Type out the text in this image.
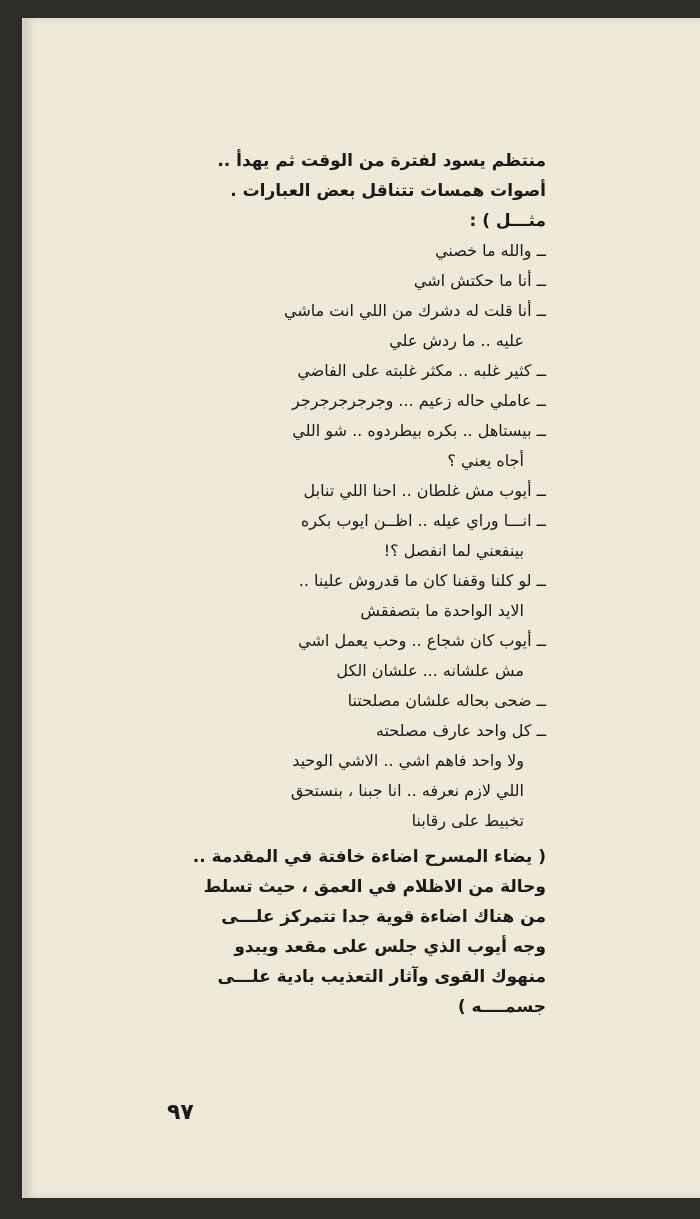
منتظم يسود لفترة من الوقت ثم يهدأ ..
أصوات همسات تتناقل بعض العبارات .
مثـــل ) :
ــ والله ما خصني
ــ أنا ما حكتش اشي
ــ أنا قلت له دشرك من اللي انت ماشي
عليه .. ما ردش علي
ــ كثير غلبه .. مكثر غلبته على الفاضي
ــ عاملي حاله زعيم ... وجرجرجرجرجر
ــ بيستاهل .. بكره بيطردوه .. شو اللي
أجاه يعني ؟
ــ أيوب مش غلطان .. احنا اللي تنابل
ــ انـــا وراي عيله .. اظــن ايوب بكره
بينفعني لما انفصل ؟!
ــ لو كلنا وقفنا كان ما قدروش علينا ..
الايد الواحدة ما بتصفقش
ــ أيوب كان شجاع .. وحب يعمل اشي
مش علشانه ... علشان الكل
ــ ضحى بحاله علشان مصلحتنا
ــ كل واحد عارف مصلحته
ولا واحد فاهم اشي .. الاشي الوحيد
اللي لازم نعرفه .. انا جبنا ، بنستحق
تخبيط على رقابنا
( يضاء المسرح اضاءة خافتة في المقدمة ..
وحالة من الاظلام في العمق ، حيث تسلط
من هناك اضاءة قوية جدا تتمركز علـــى
وجه أيوب الذي جلس على مقعد ويبدو
منهوك القوى وآثار التعذيب بادية علـــى
جسمــــه )
٩٧
